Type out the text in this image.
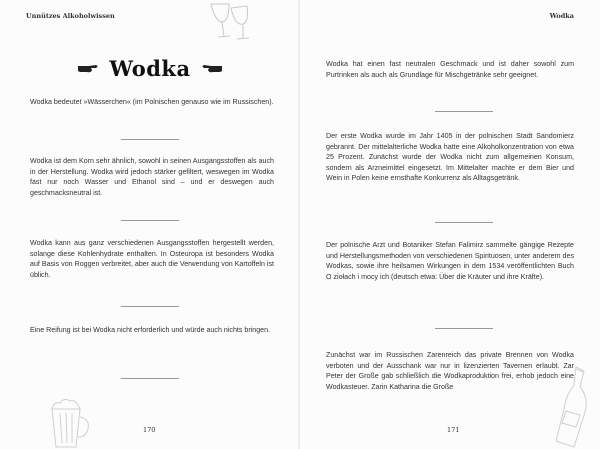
Unnützes Alkoholwissen
Wodka

Wodka bedeutet »Wässerchen« (im Polnischen genauso wie im Russischen).

Wodka ist dem Korn sehr ähnlich, sowohl in seinen Ausgangsstoffen als auch in der Herstellung. Wodka wird jedoch stärker gefiltert, weswegen im Wodka fast nur noch Wasser und Ethanol sind – und er deswegen auch geschmacksneutral ist.

Wodka kann aus ganz verschiedenen Ausgangsstoffen hergestellt werden, solange diese Kohlenhydrate enthalten. In Osteuropa ist besonders Wodka auf Basis von Roggen verbreitet, aber auch die Verwendung von Kartoffeln ist üblich.

Eine Reifung ist bei Wodka nicht erforderlich und würde auch nichts bringen.

170
Wodka

Wodka hat einen fast neutralen Geschmack und ist daher sowohl zum Purtrinken als auch als Grundlage für Mischgetränke sehr geeignet.

Der erste Wodka wurde im Jahr 1405 in der polnischen Stadt Sandomierz gebrannt. Der mittelalterliche Wodka hatte eine Alkoholkonzentration von etwa 25 Prozent. Zunächst wurde der Wodka nicht zum allgemeinen Konsum, sondern als Arzneimittel eingesetzt. Im Mittelalter machte er dem Bier und Wein in Polen keine ernsthafte Konkurrenz als Alltagsgetränk.

Der polnische Arzt und Botaniker Stefan Falimirz sammelte gängige Rezepte und Herstellungsmethoden von verschiedenen Spirituosen, unter anderem des Wodkas, sowie ihre heilsamen Wirkungen in dem 1534 veröffentlichten Buch O ziołach i mocy ich (deutsch etwa: Über die Kräuter und ihre Kräfte).

Zunächst war im Russischen Zarenreich das private Brennen von Wodka verboten und der Ausschank war nur in lizenzierten Tavernen erlaubt. Zar Peter der Große gab schließlich die Wodkaproduktion frei, erhob jedoch eine Wodkasteuer. Zarin Katharina die Große

171
